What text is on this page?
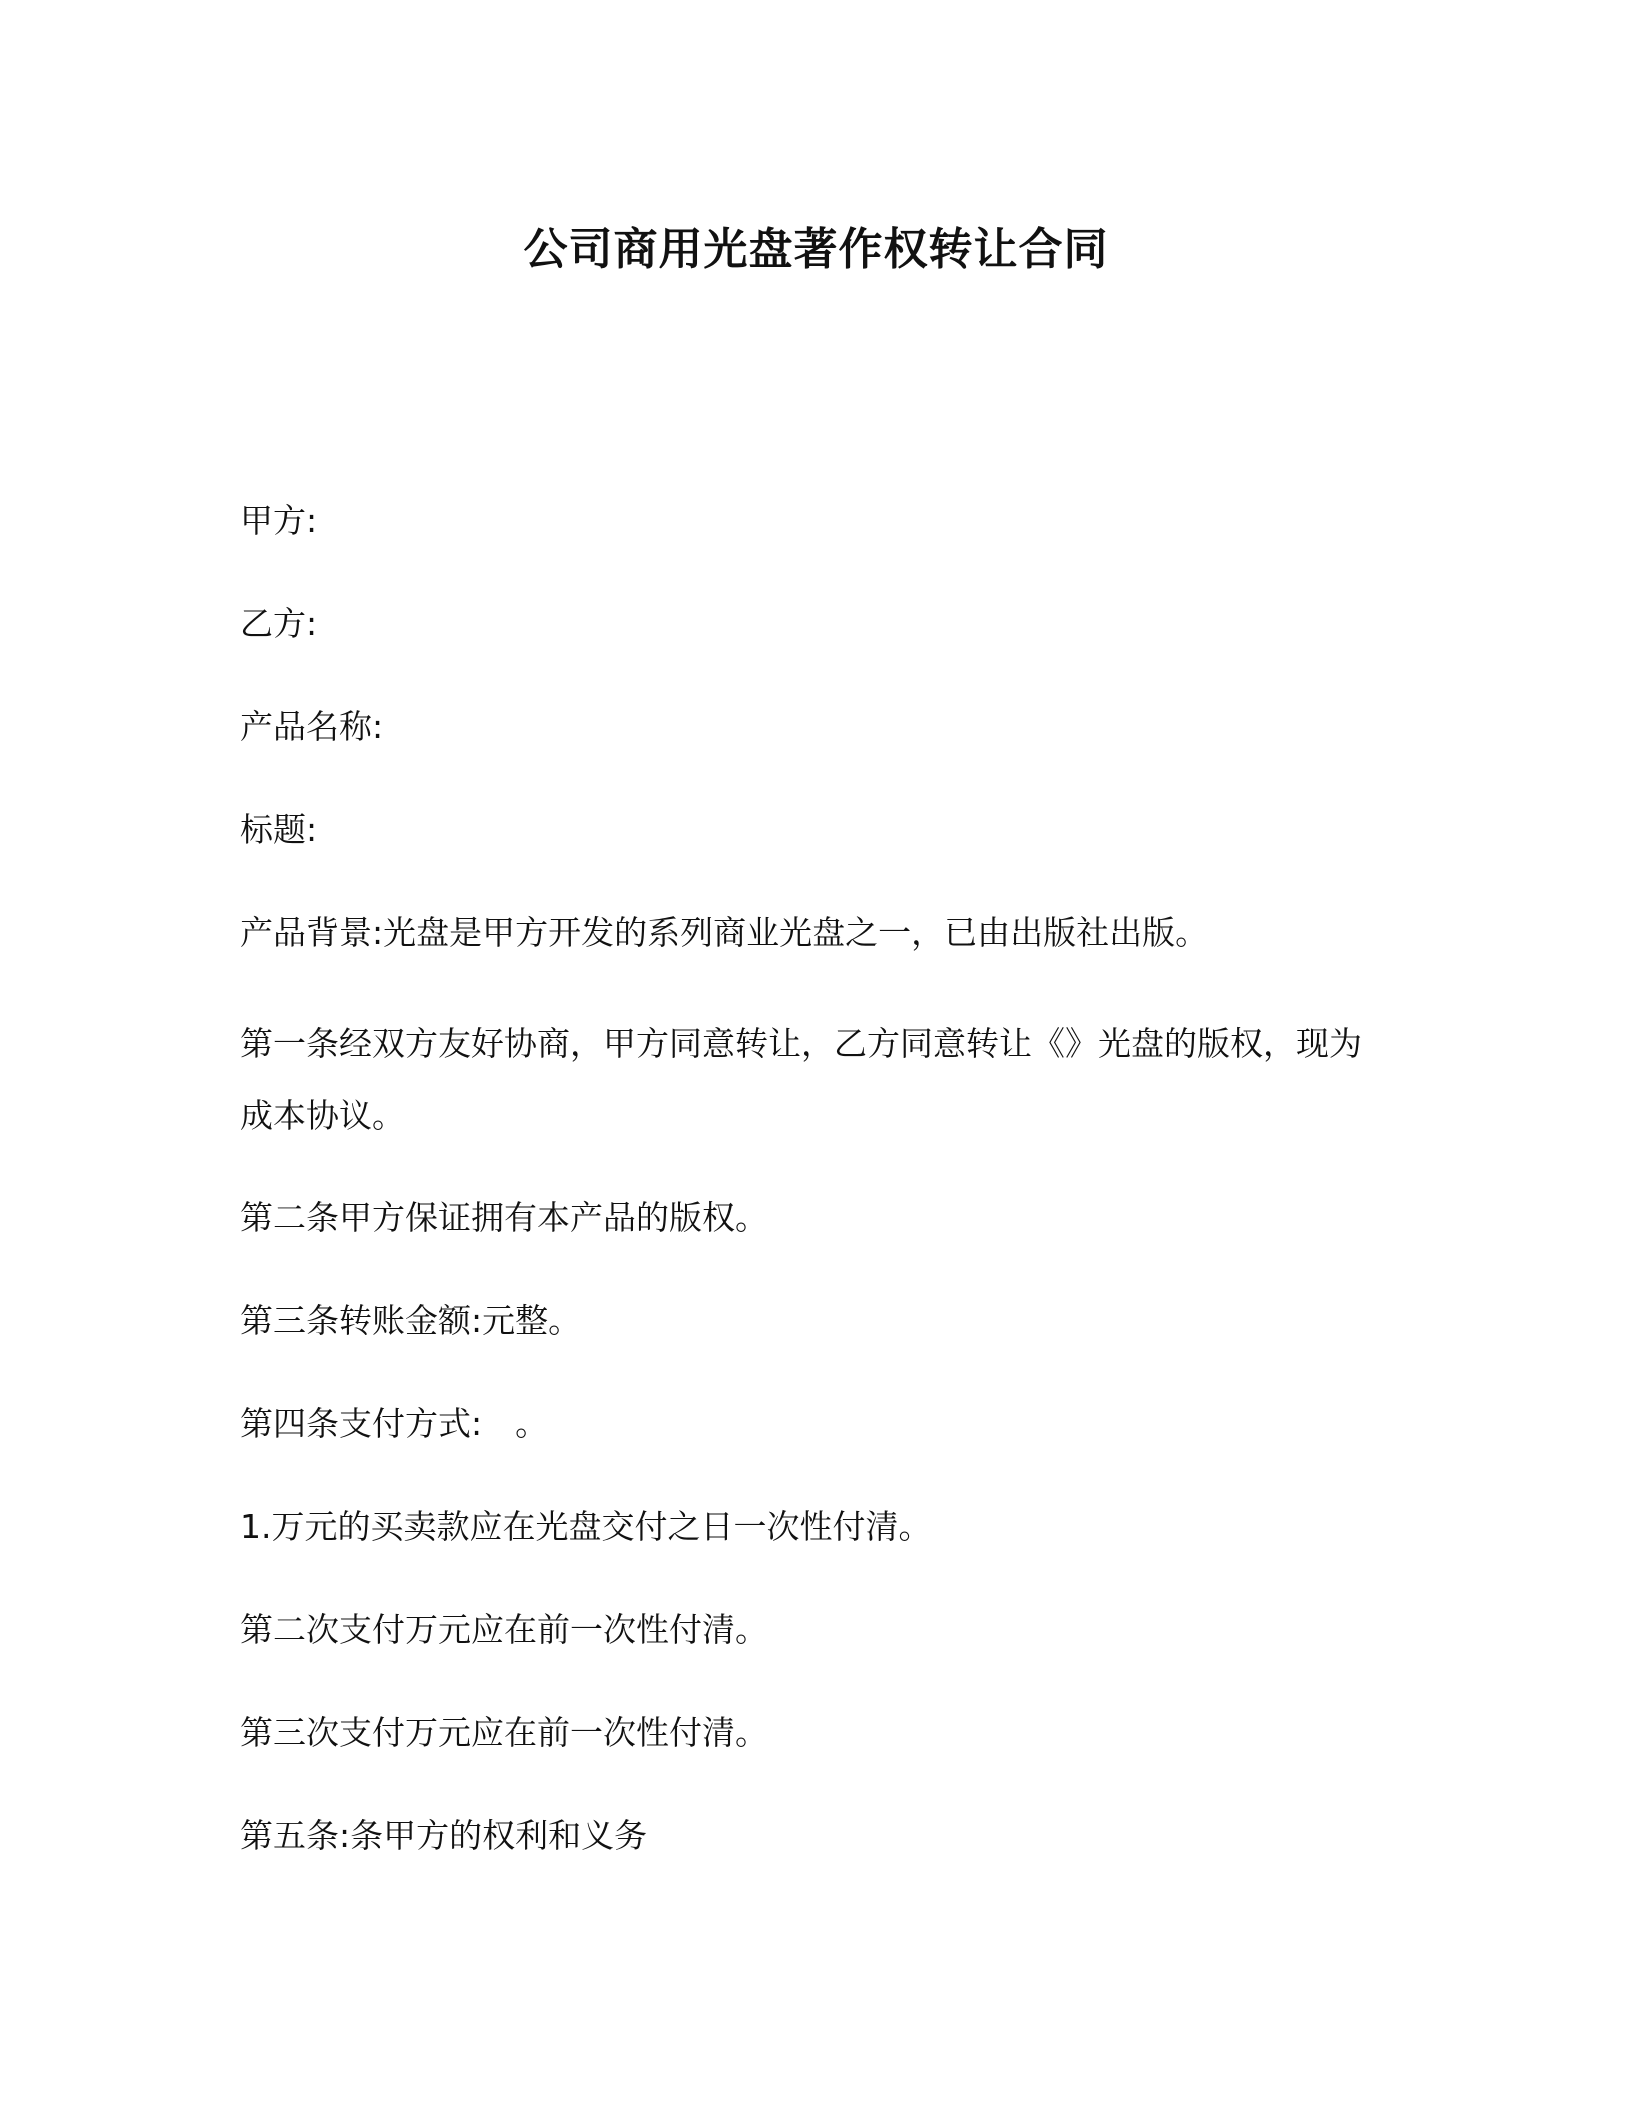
公司商用光盘著作权转让合同

甲方:

乙方:

产品名称:

标题:

产品背景:光盘是甲方开发的系列商业光盘之一，已由出版社出版。

第一条经双方友好协商，甲方同意转让，乙方同意转让《》光盘的版权，现为成本协议。

第二条甲方保证拥有本产品的版权。

第三条转账金额:元整。

第四条支付方式:　。

1.万元的买卖款应在光盘交付之日一次性付清。

第二次支付万元应在前一次性付清。

第三次支付万元应在前一次性付清。

第五条:条甲方的权利和义务
